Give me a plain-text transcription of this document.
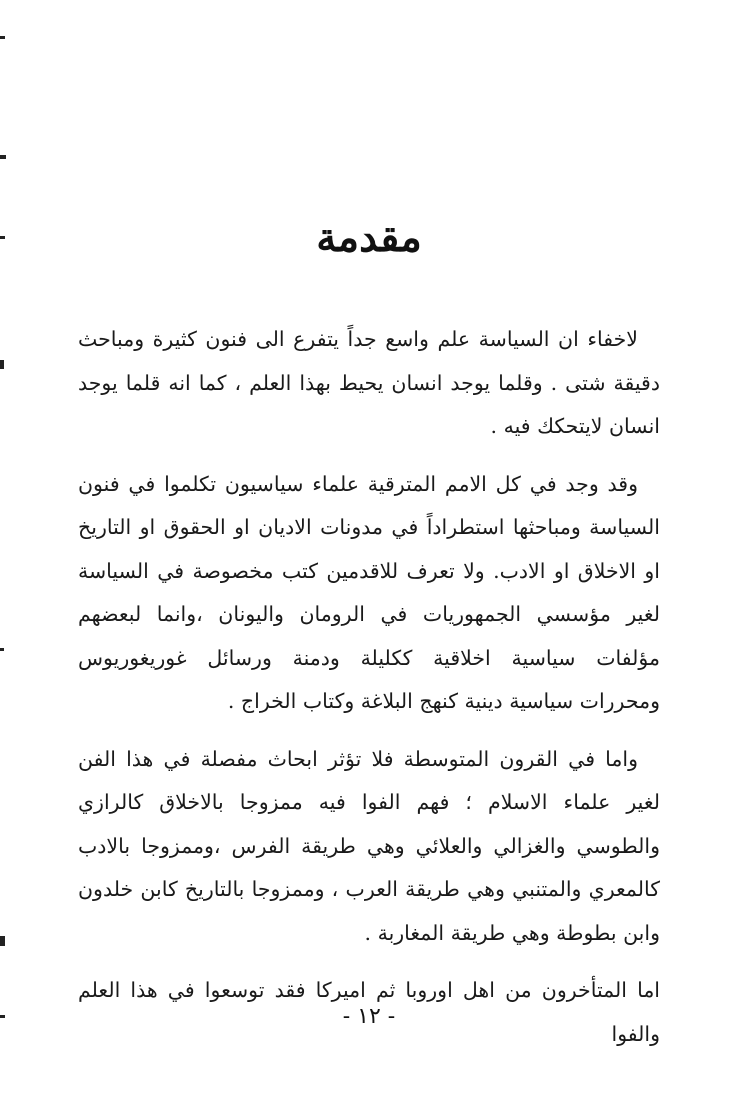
مقدمة

لاخفاء ان السياسة علم واسع جداً يتفرع الى فنون كثيرة ومباحث دقيقة شتى . وقلما يوجد انسان يحيط بهذا العلم ، كما انه قلما يوجد انسان لايتحكك فيه .

وقد وجد في كل الامم المترقية علماء سياسيون تكلموا في فنون السياسة ومباحثها استطراداً في مدونات الاديان او الحقوق او التاريخ او الاخلاق او الادب. ولا تعرف للاقدمين كتب مخصوصة في السياسة لغير مؤسسي الجمهوريات في الرومان واليونان ،وانما لبعضهم مؤلفات سياسية اخلاقية ككليلة ودمنة ورسائل غوريغوريوس ومحررات سياسية دينية كنهج البلاغة وكتاب الخراج .

واما في القرون المتوسطة فلا تؤثر ابحاث مفصلة في هذا الفن لغير علماء الاسلام ؛ فهم الفوا فيه ممزوجا بالاخلاق كالرازي والطوسي والغزالي والعلائي وهي طريقة الفرس ،وممزوجا بالادب كالمعري والمتنبي وهي طريقة العرب ، وممزوجا بالتاريخ كابن خلدون وابن بطوطة وهي طريقة المغاربة .

اما المتأخرون من اهل اوروبا ثم اميركا فقد توسعوا في هذا العلم والفوا

- ١٢ -
